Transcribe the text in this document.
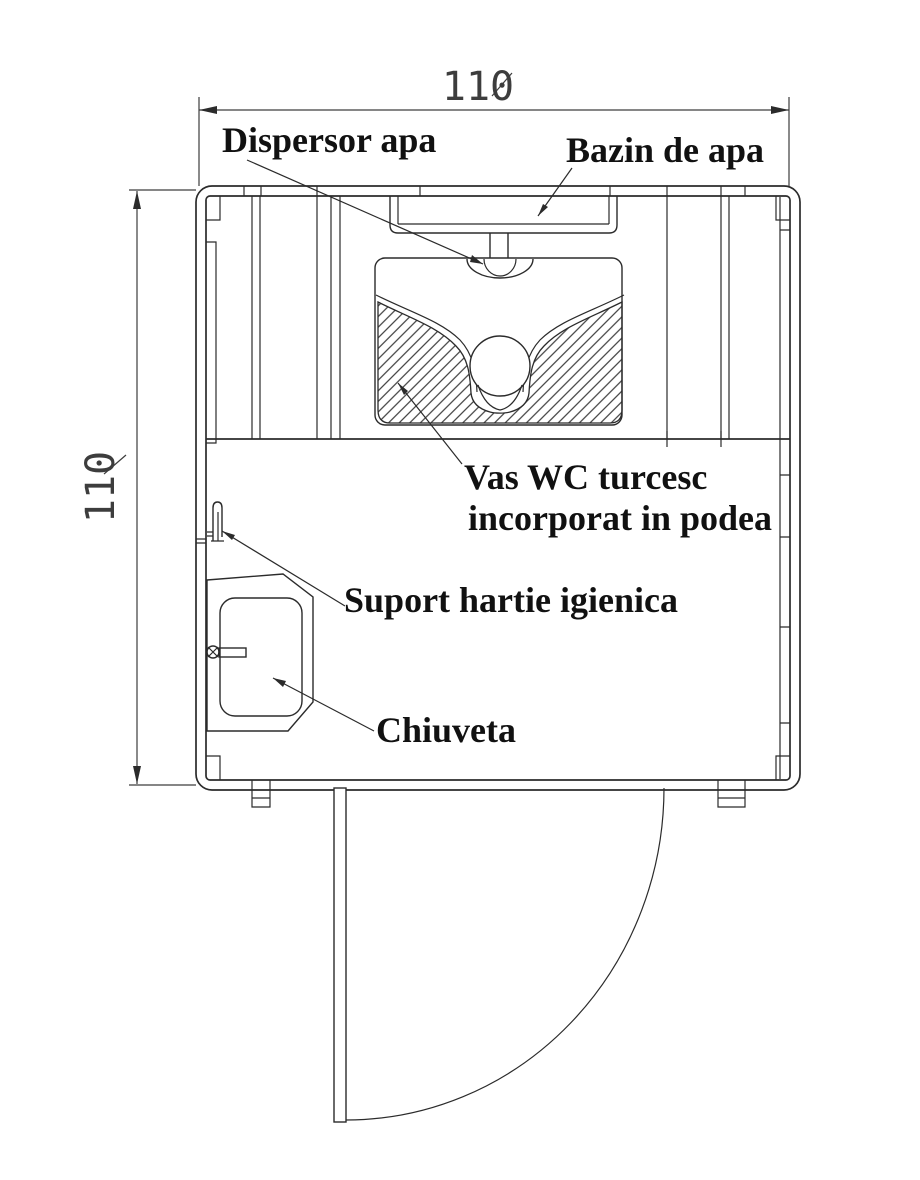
110
110
Dispersor apa	Bazin de apa
Vas WC turcesc
incorporat in podea
Suport hartie igienica
Chiuveta
